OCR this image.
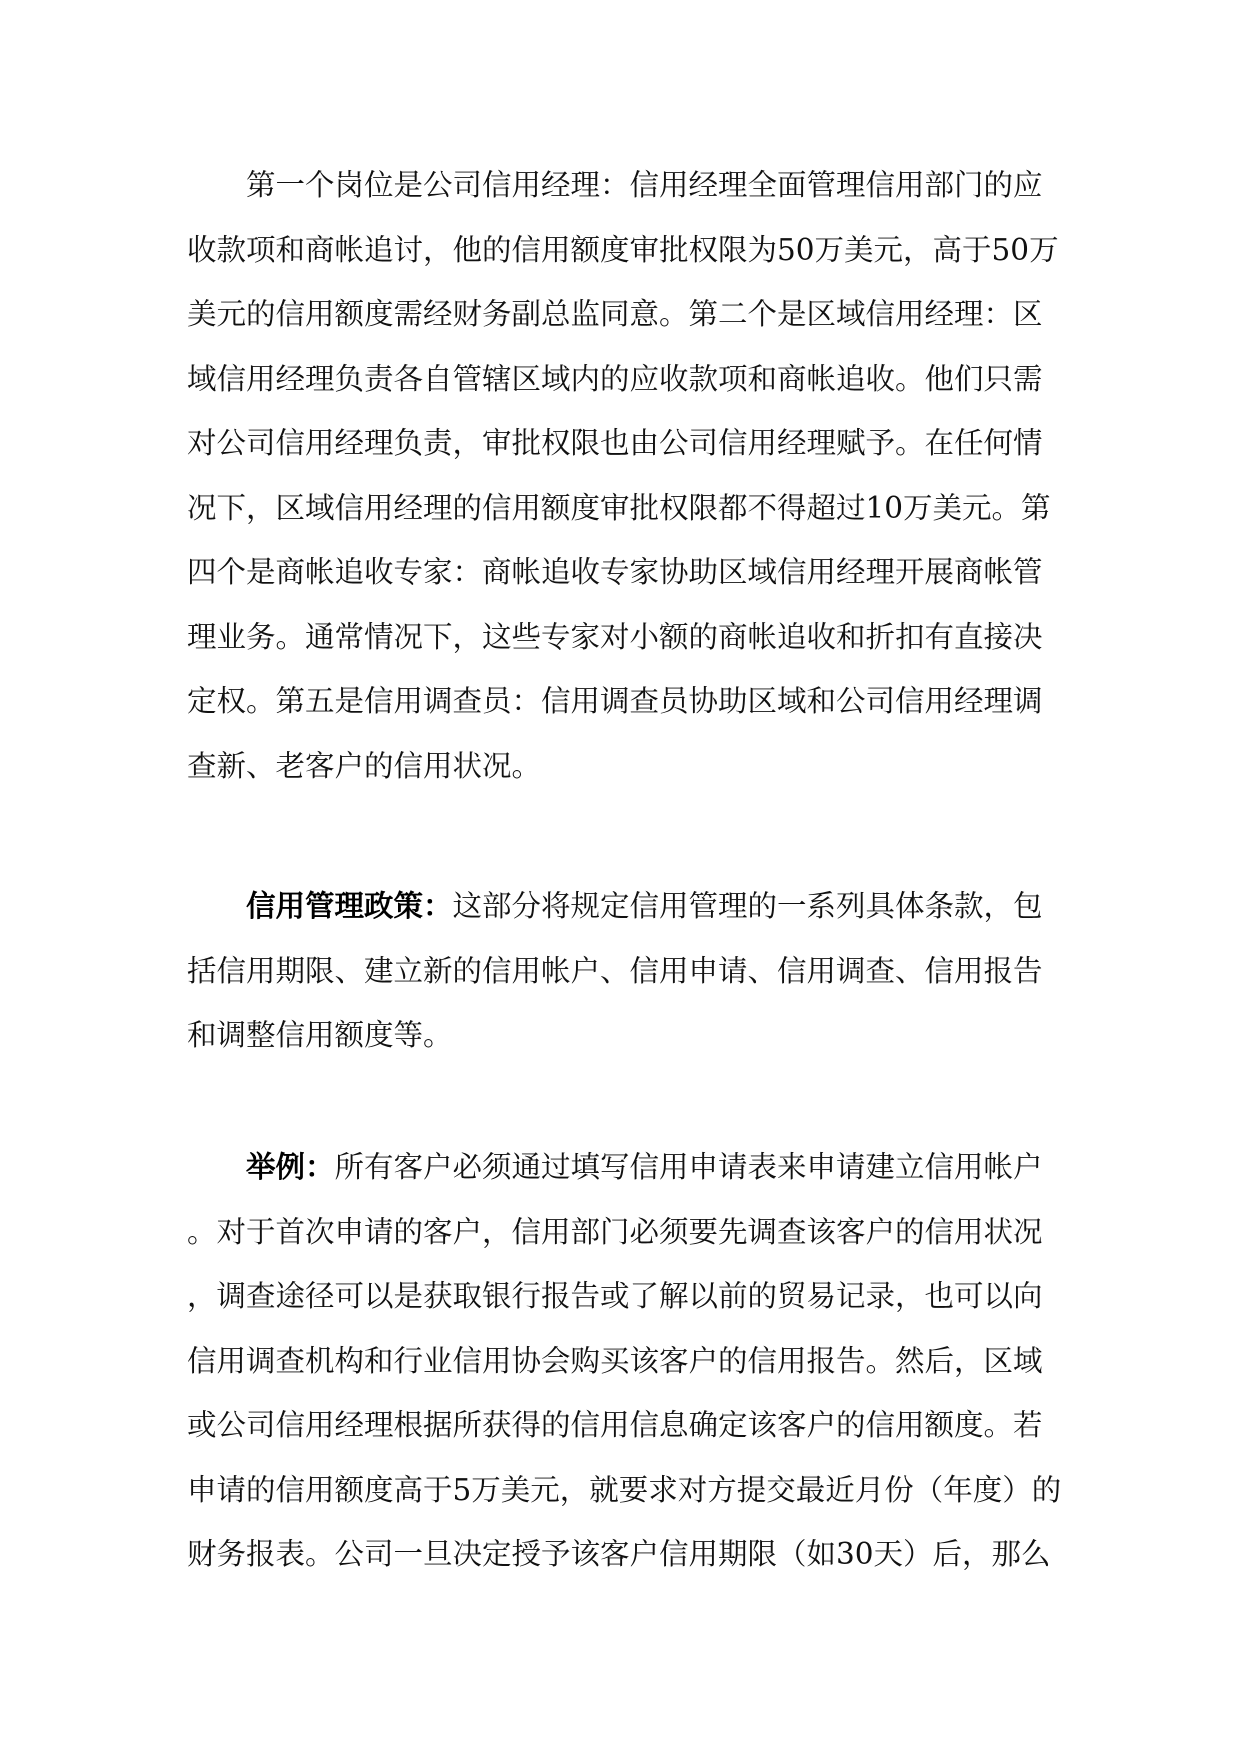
第一个岗位是公司信用经理：信用经理全面管理信用部门的应
收款项和商帐追讨，他的信用额度审批权限为50万美元，高于50万
美元的信用额度需经财务副总监同意。第二个是区域信用经理：区
域信用经理负责各自管辖区域内的应收款项和商帐追收。他们只需
对公司信用经理负责，审批权限也由公司信用经理赋予。在任何情
况下，区域信用经理的信用额度审批权限都不得超过10万美元。第
四个是商帐追收专家：商帐追收专家协助区域信用经理开展商帐管
理业务。通常情况下，这些专家对小额的商帐追收和折扣有直接决
定权。第五是信用调查员：信用调查员协助区域和公司信用经理调
查新、老客户的信用状况。
信用管理政策：这部分将规定信用管理的一系列具体条款，包
括信用期限、建立新的信用帐户、信用申请、信用调查、信用报告
和调整信用额度等。
举例：所有客户必须通过填写信用申请表来申请建立信用帐户
。对于首次申请的客户，信用部门必须要先调查该客户的信用状况
，调查途径可以是获取银行报告或了解以前的贸易记录，也可以向
信用调查机构和行业信用协会购买该客户的信用报告。然后，区域
或公司信用经理根据所获得的信用信息确定该客户的信用额度。若
申请的信用额度高于5万美元，就要求对方提交最近月份（年度）的
财务报表。公司一旦决定授予该客户信用期限（如30天）后，那么
